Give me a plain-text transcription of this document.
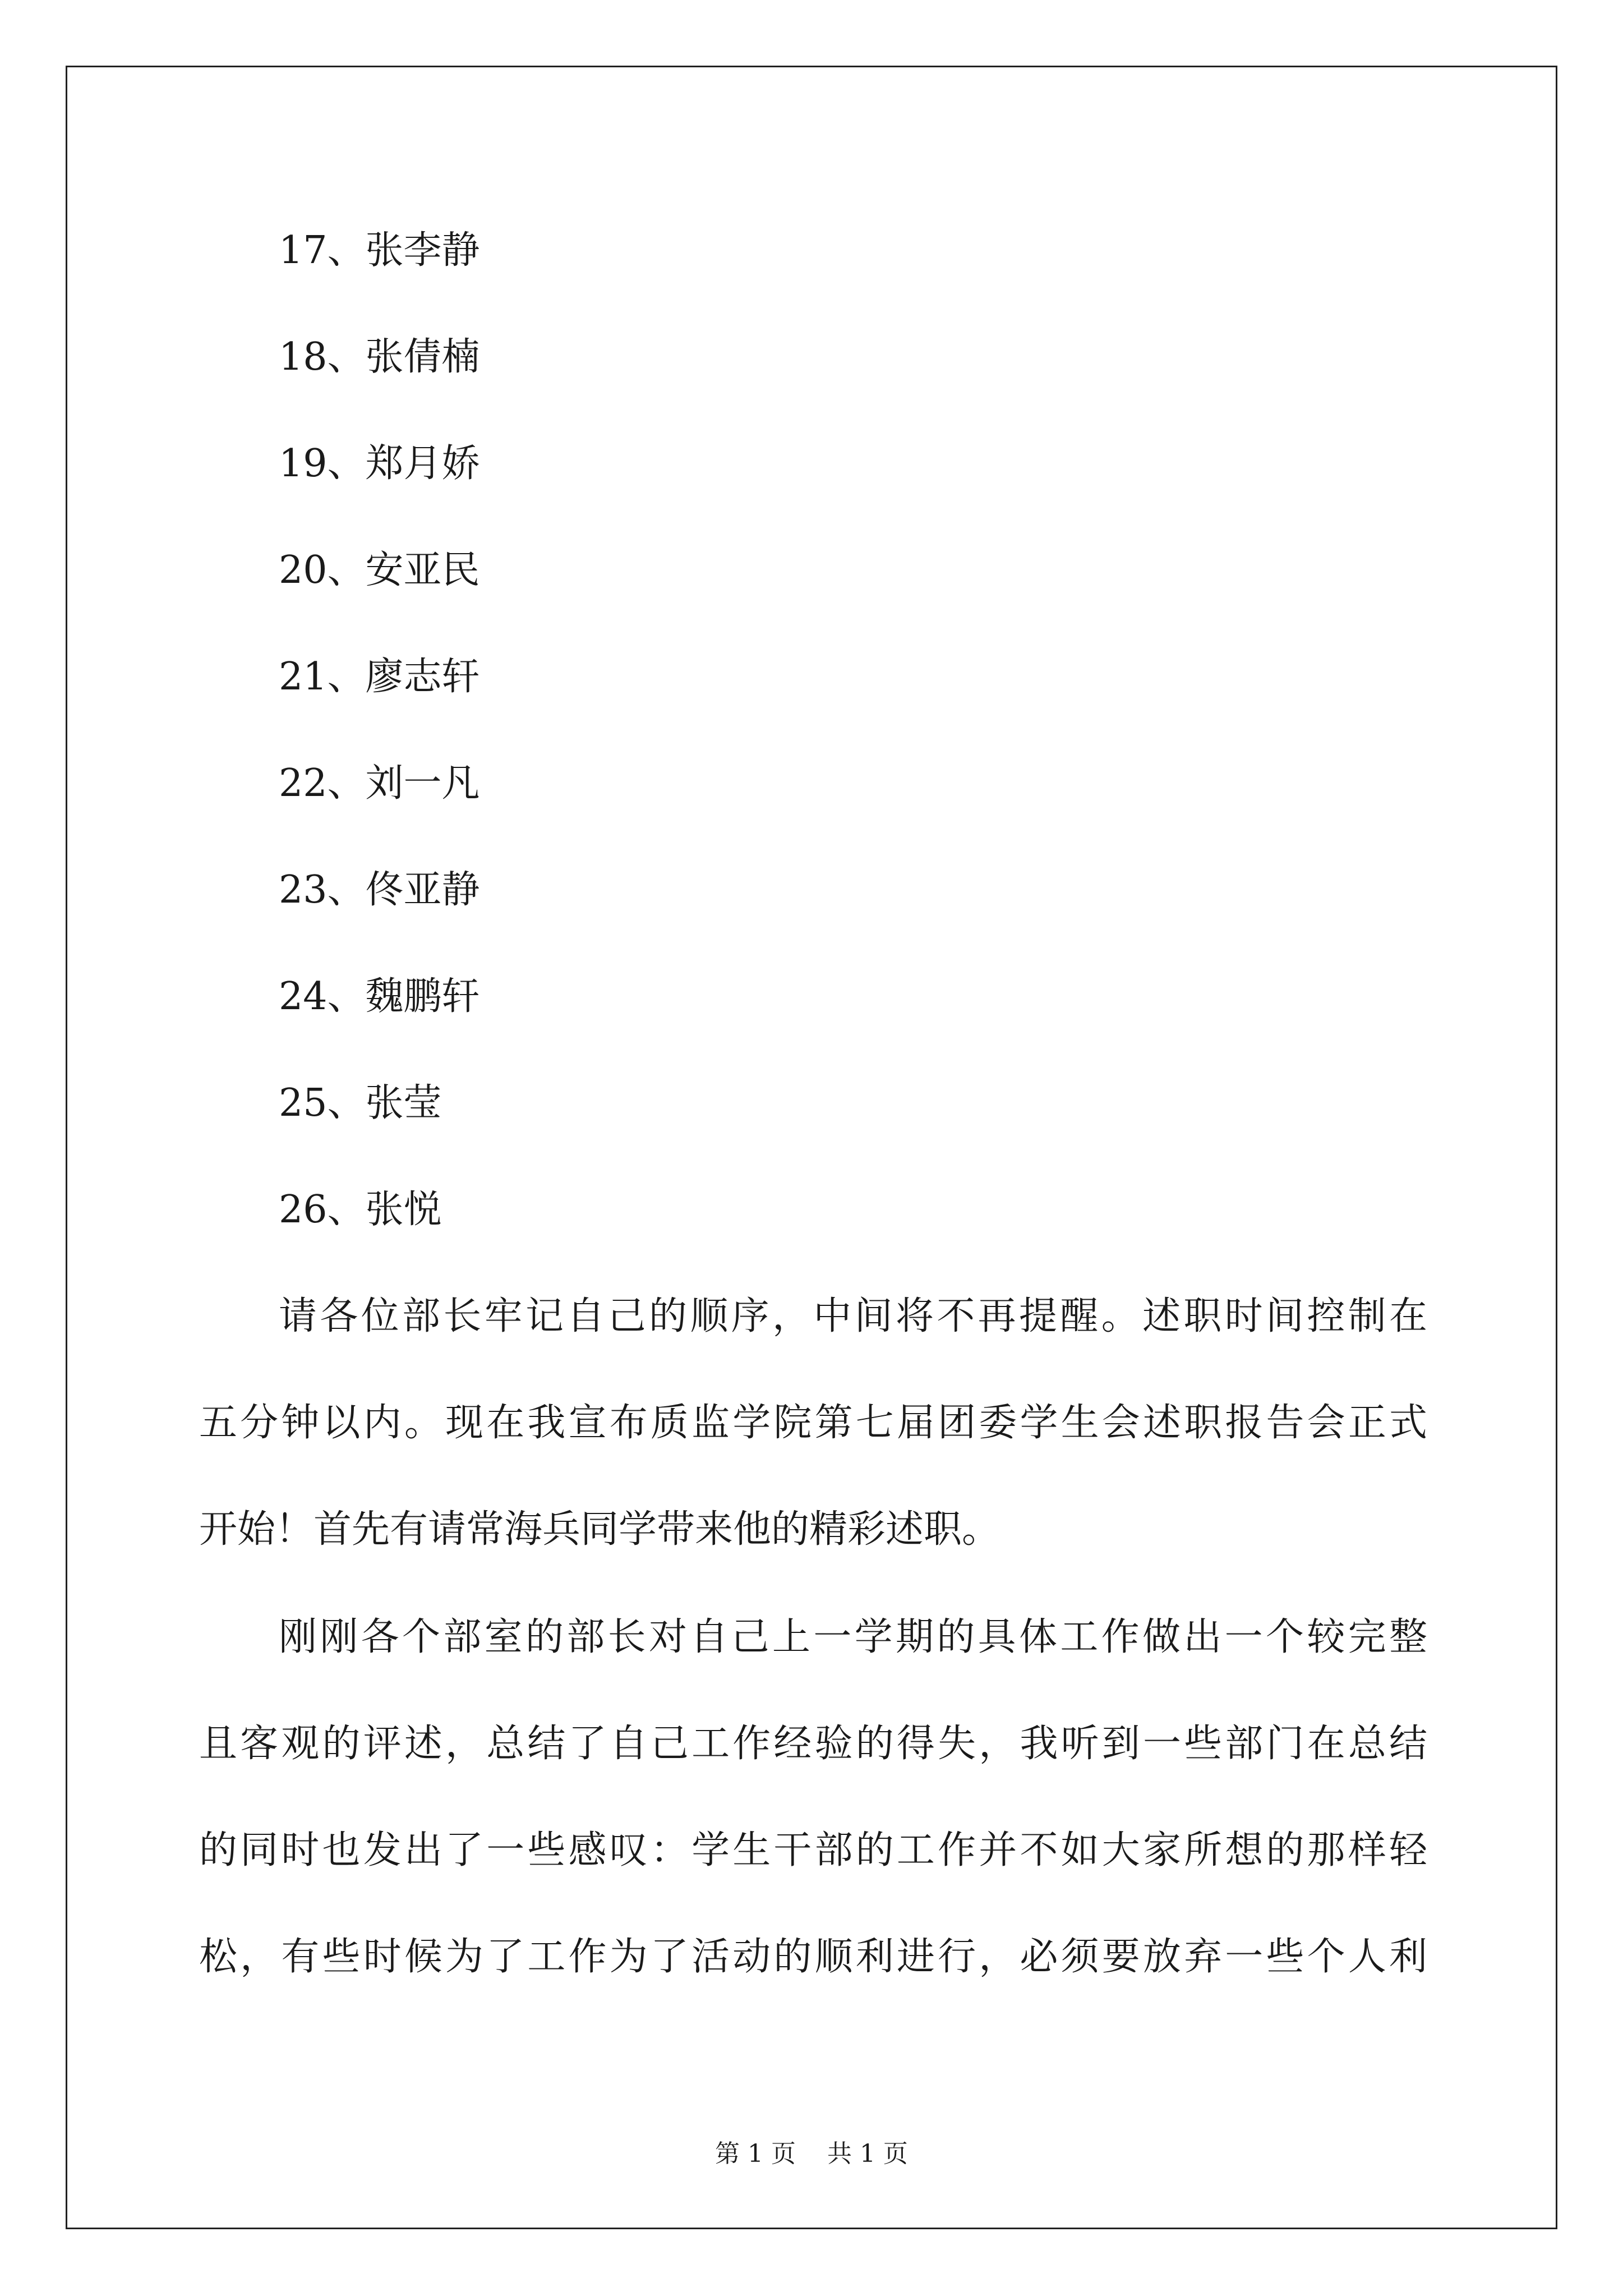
17、张李静
18、张倩楠
19、郑月娇
20、安亚民
21、廖志轩
22、刘一凡
23、佟亚静
24、魏鹏轩
25、张莹
26、张悦
请各位部长牢记自己的顺序，中间将不再提醒。述职时间控制在
五分钟以内。现在我宣布质监学院第七届团委学生会述职报告会正式
开始！首先有请常海兵同学带来他的精彩述职。
刚刚各个部室的部长对自己上一学期的具体工作做出一个较完整
且客观的评述，总结了自己工作经验的得失，我听到一些部门在总结
的同时也发出了一些感叹：学生干部的工作并不如大家所想的那样轻
松，有些时候为了工作为了活动的顺利进行，必须要放弃一些个人利
第 1 页    共 1 页
